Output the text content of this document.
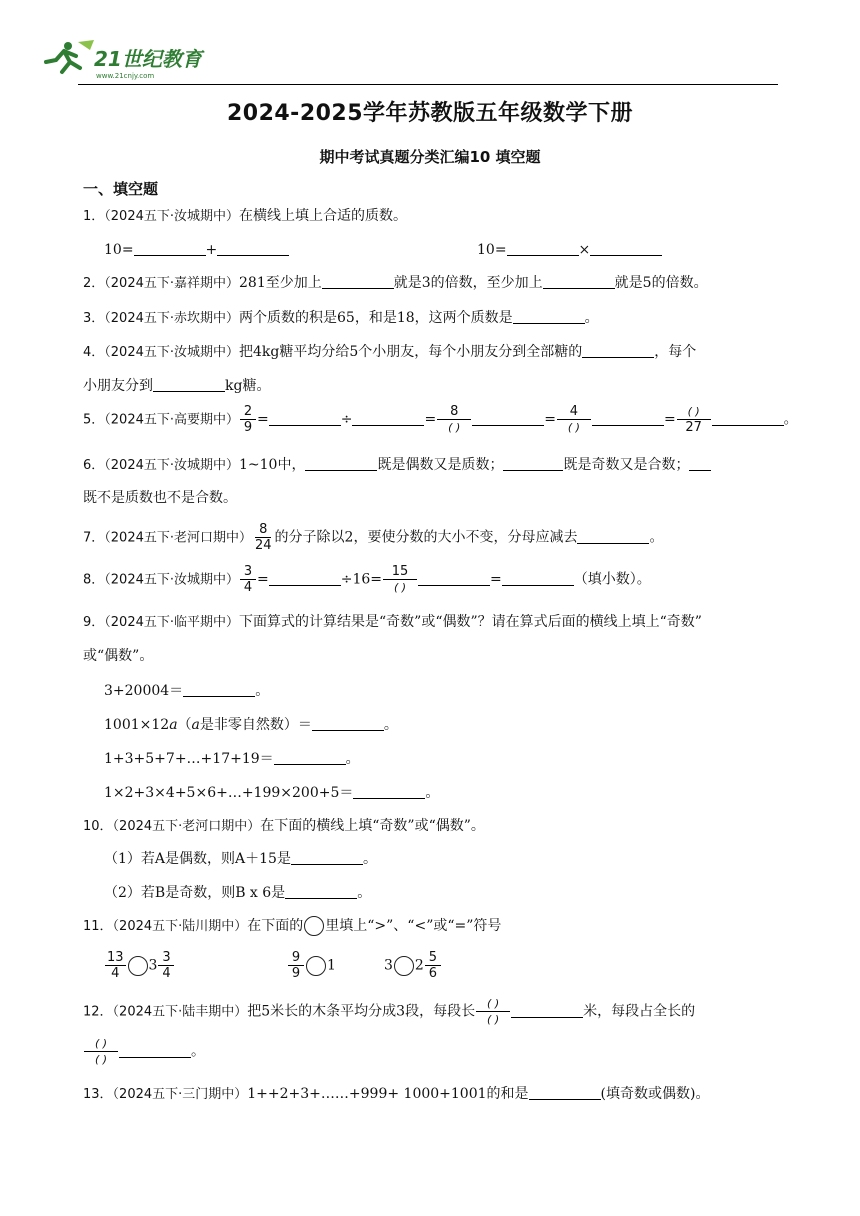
21世纪教育
www.21cnjy.com
2024-2025学年苏教版五年级数学下册
期中考试真题分类汇编10 填空题
一、填空题
1．（2024五下·汝城期中）在横线上填上合适的质数。
10=	+	10=	×
2．（2024五下·嘉祥期中）281至少加上	就是3的倍数，至少加上	就是5的倍数。
3．（2024五下·赤坎期中）两个质数的积是65，和是18，这两个质数是	。
4．（2024五下·汝城期中）把4kg糖平均分给5个小朋友，每个小朋友分到全部糖的	，每个
小朋友分到	kg糖。
5．（2024五下·高要期中） $\frac{2}{9}$ =	÷	= $\frac{8}{( )}$	= $\frac{4}{( )}$	= $\frac{( )}{27}$	。
6．（2024五下·汝城期中）1~10中，	既是偶数又是质数；	既是奇数又是合数；
既不是质数也不是合数。
7．（2024五下·老河口期中） $\frac{8}{24}$ 的分子除以2，要使分数的大小不变，分母应减去	。
8．（2024五下·汝城期中） $\frac{3}{4}$ =	$\div 16= \frac{15}{( )}$	=	（填小数）。
9．（2024五下·临平期中）下面算式的计算结果是“奇数”或“偶数”？请在算式后面的横线上填上“奇数”
或“偶数”。
3+20004＝	。
1001×12a（a是非零自然数）＝	。
1+3+5+7+…+17+19＝	。
1×2+3×4+5×6+…+199×200+5＝	。
10．（2024五下·老河口期中）在下面的横线上填“奇数”或“偶数”。
（1）若A是偶数，则A＋15是	。
（2）若B是奇数，则B x 6是	。
11．（2024五下·陆川期中）在下面的 里填上“>”、“<”或“=”符号
$\frac{13}{4} 3 \frac{3}{4}$	$\frac{9}{9} 1$	3 $2 \frac{5}{6}$
12．（2024五下·陆丰期中）把5米长的木条平均分成3段，每段长 $\frac{( )}{( )}$	米，每段占全长的
$\frac{( )}{( )}$	。
13．（2024五下·三门期中）1++2+3+……+999+ 1000+1001的和是	(填奇数或偶数)。
